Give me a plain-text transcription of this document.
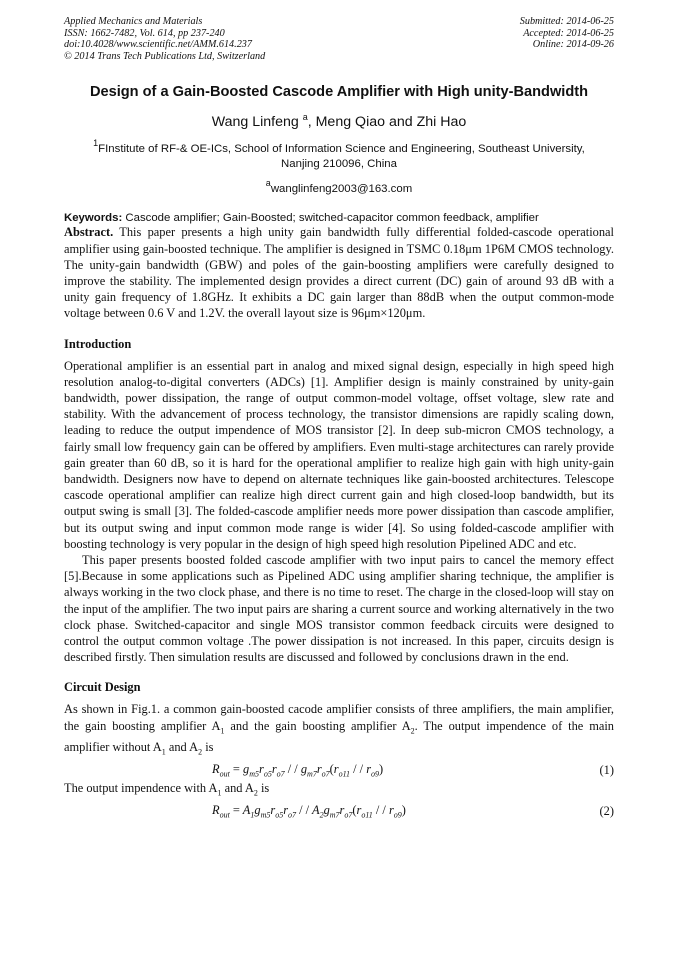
Applied Mechanics and Materials
ISSN: 1662-7482, Vol. 614, pp 237-240
doi:10.4028/www.scientific.net/AMM.614.237
© 2014 Trans Tech Publications Ltd, Switzerland
Submitted: 2014-06-25
Accepted: 2014-06-25
Online: 2014-09-26
Design of a Gain-Boosted Cascode Amplifier with High unity-Bandwidth
Wang Linfeng $^a$, Meng Qiao and Zhi Hao
$^1$FInstitute of RF-& OE-ICs, School of Information Science and Engineering, Southeast University,
Nanjing 210096, China
$^a$wanglinfeng2003@163.com
Keywords: Cascode amplifier; Gain-Boosted; switched-capacitor common feedback, amplifier

Abstract. This paper presents a high unity gain bandwidth fully differential folded-cascode operational amplifier using gain-boosted technique. The amplifier is designed in TSMC 0.18μm 1P6M CMOS technology. The unity-gain bandwidth (GBW) and poles of the gain-boosting amplifiers were carefully designed to improve the stability. The implemented design provides a direct current (DC) gain of around 93 dB with a unity gain frequency of 1.8GHz. It exhibits a DC gain larger than 88dB when the output common-mode voltage between 0.6 V and 1.2V. the overall layout size is 96μm×120μm.

Introduction

Operational amplifier is an essential part in analog and mixed signal design, especially in high speed high resolution analog-to-digital converters (ADCs) [1]. Amplifier design is mainly constrained by unity-gain bandwidth, power dissipation, the range of output common-model voltage, offset voltage, slew rate and stability. With the advancement of process technology, the transistor dimensions are rapidly scaling down, leading to reduce the output impendence of MOS transistor [2]. In deep sub-micron CMOS technology, a fairly small low frequency gain can be offered by amplifiers. Even multi-stage architectures can rarely provide gain greater than 60 dB, so it is hard for the operational amplifier to realize high gain with high unity-gain bandwidth. Designers now have to depend on alternate techniques like gain-boosted architectures. Telescope cascode operational amplifier can realize high direct current gain and high closed-loop bandwidth, but its output swing is small [3]. The folded-cascode amplifier needs more power dissipation than cascode amplifier, but its output swing and input common mode range is wider [4]. So using folded-cascode amplifier with boosting technology is very popular in the design of high speed high resolution Pipelined ADC and etc.

This paper presents boosted folded cascode amplifier with two input pairs to cancel the memory effect [5].Because in some applications such as Pipelined ADC using amplifier sharing technique, the amplifier is always working in the two clock phase, and there is no time to reset. The charge in the closed-loop will stay on the input of the amplifier. The two input pairs are sharing a current source and working alternatively in the two clock phase. Switched-capacitor and single MOS transistor common feedback circuits were designed to control the output common voltage .The power dissipation is not increased. In this paper, circuits design is described firstly. Then simulation results are discussed and followed by conclusions drawn in the end.

Circuit Design

As shown in Fig.1. a common gain-boosted cacode amplifier consists of three amplifiers, the main amplifier, the gain boosting amplifier $A_1$ and the gain boosting amplifier $A_2$. The output impendence of the main amplifier without $A_1$ and $A_2$ is

$R_{out} = g_{m5}r_{o5}r_{o7}$ / / $g_{m7}r_{o7}(r_{o11}$ / / $r_{o9}$)	(1)

The output impendence with $A_1$ and $A_2$ is

$R_{out} = A_1g_{m5}r_{o5}r_{o7}$ / / $A_2g_{m7}r_{o7}(r_{o11}$ / / $r_{o9}$)	(2)
